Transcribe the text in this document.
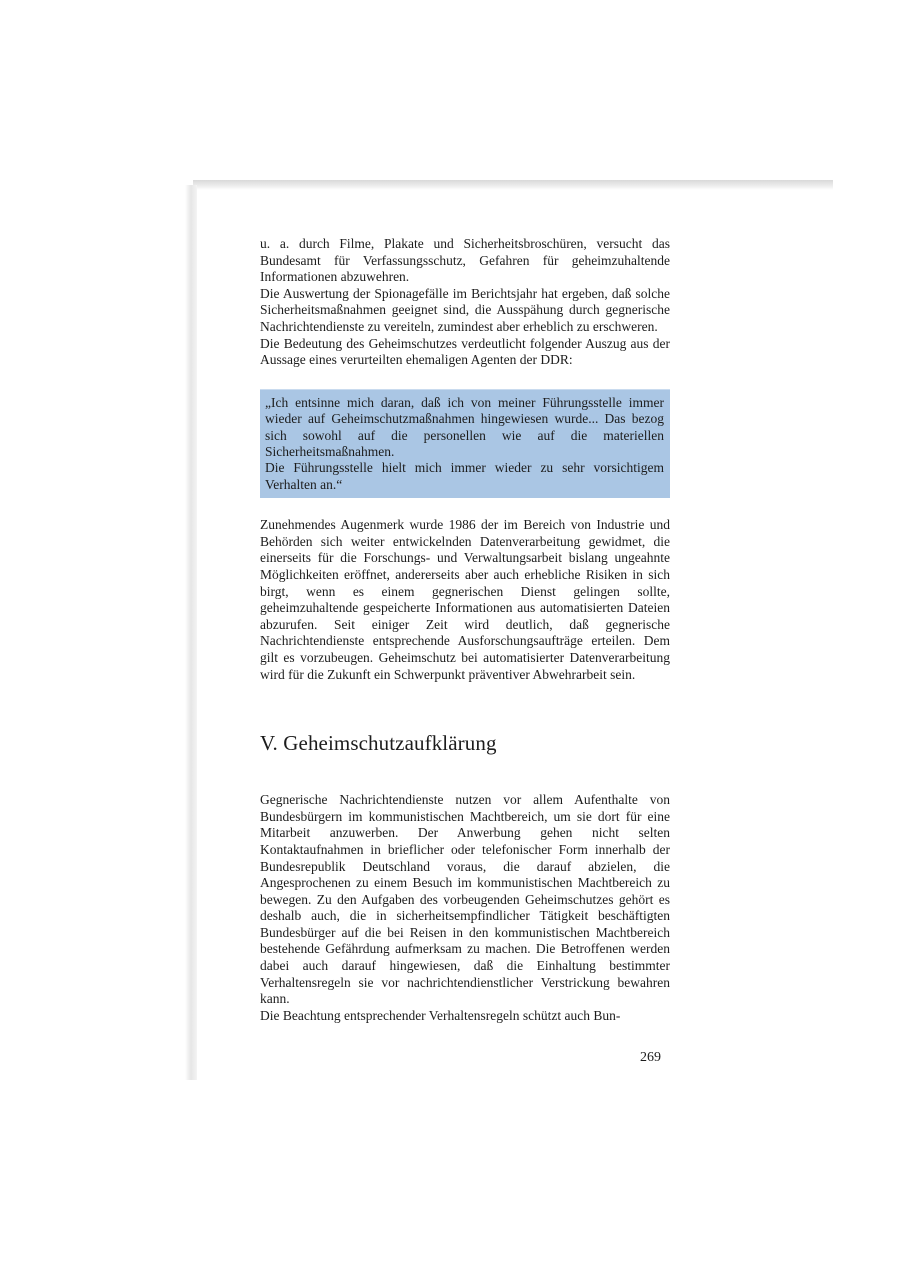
u. a. durch Filme, Plakate und Sicherheitsbroschüren, versucht das Bundesamt für Verfassungsschutz, Gefahren für geheimzuhaltende Informationen abzuwehren.

Die Auswertung der Spionagefälle im Berichtsjahr hat ergeben, daß solche Sicherheitsmaßnahmen geeignet sind, die Ausspähung durch gegnerische Nachrichtendienste zu vereiteln, zumindest aber erheblich zu erschweren.

Die Bedeutung des Geheimschutzes verdeutlicht folgender Auszug aus der Aussage eines verurteilten ehemaligen Agenten der DDR:

„Ich entsinne mich daran, daß ich von meiner Führungsstelle immer wieder auf Geheimschutzmaßnahmen hingewiesen wurde... Das bezog sich sowohl auf die personellen wie auf die materiellen Sicherheitsmaßnahmen.

Die Führungsstelle hielt mich immer wieder zu sehr vorsichtigem Verhalten an.“

Zunehmendes Augenmerk wurde 1986 der im Bereich von Industrie und Behörden sich weiter entwickelnden Datenverarbeitung gewidmet, die einerseits für die Forschungs- und Verwaltungsarbeit bislang ungeahnte Möglichkeiten eröffnet, andererseits aber auch erhebliche Risiken in sich birgt, wenn es einem gegnerischen Dienst gelingen sollte, geheimzuhaltende gespeicherte Informationen aus automatisierten Dateien abzurufen. Seit einiger Zeit wird deutlich, daß gegnerische Nachrichtendienste entsprechende Ausforschungsaufträge erteilen. Dem gilt es vorzubeugen. Geheimschutz bei automatisierter Datenverarbeitung wird für die Zukunft ein Schwerpunkt präventiver Abwehrarbeit sein.

V. Geheimschutzaufklärung

Gegnerische Nachrichtendienste nutzen vor allem Aufenthalte von Bundesbürgern im kommunistischen Machtbereich, um sie dort für eine Mitarbeit anzuwerben. Der Anwerbung gehen nicht selten Kontaktaufnahmen in brieflicher oder telefonischer Form innerhalb der Bundesrepublik Deutschland voraus, die darauf abzielen, die Angesprochenen zu einem Besuch im kommunistischen Machtbereich zu bewegen. Zu den Aufgaben des vorbeugenden Geheimschutzes gehört es deshalb auch, die in sicherheitsempfindlicher Tätigkeit beschäftigten Bundesbürger auf die bei Reisen in den kommunistischen Machtbereich bestehende Gefährdung aufmerksam zu machen. Die Betroffenen werden dabei auch darauf hingewiesen, daß die Einhaltung bestimmter Verhaltensregeln sie vor nachrichtendienstlicher Verstrickung bewahren kann.

Die Beachtung entsprechender Verhaltensregeln schützt auch Bun-

269
